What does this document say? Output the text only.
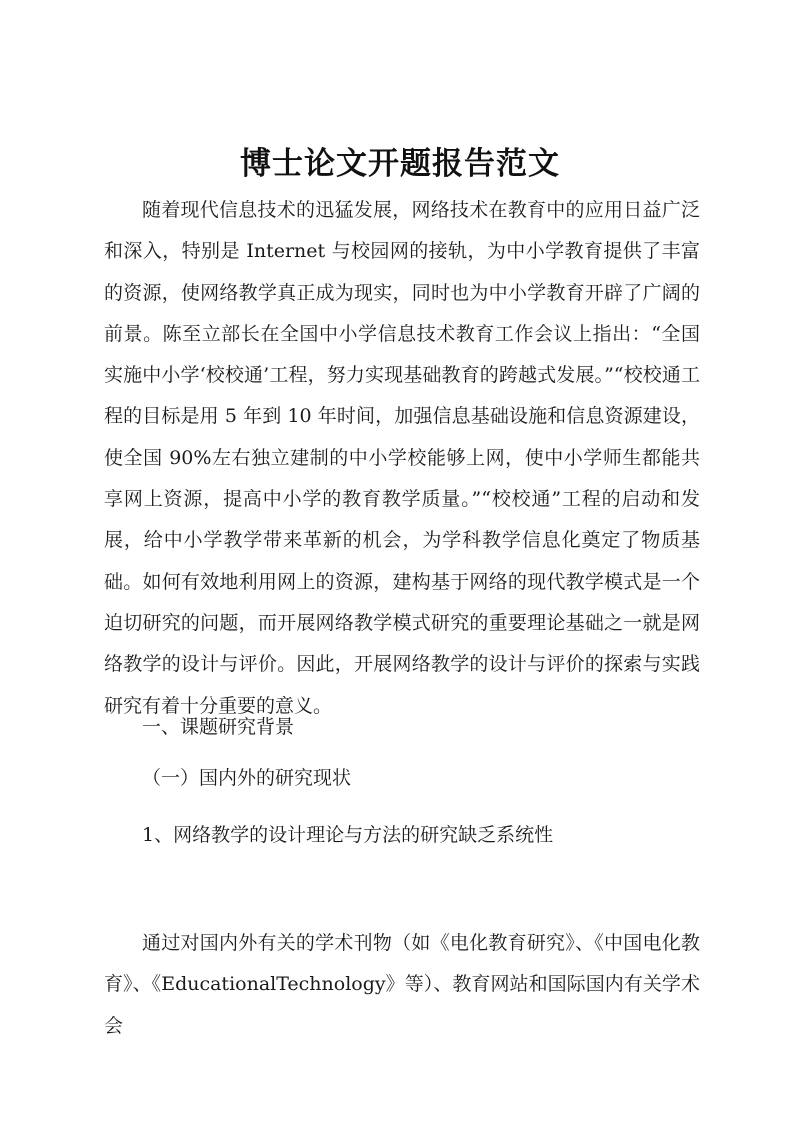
博士论文开题报告范文

随着现代信息技术的迅猛发展，网络技术在教育中的应用日益广泛和深入，特别是 Internet 与校园网的接轨，为中小学教育提供了丰富的资源，使网络教学真正成为现实，同时也为中小学教育开辟了广阔的前景。陈至立部长在全国中小学信息技术教育工作会议上指出：“全国实施中小学‘校校通’工程，努力实现基础教育的跨越式发展。”“校校通工程的目标是用 5 年到 10 年时间，加强信息基础设施和信息资源建设，使全国 90%左右独立建制的中小学校能够上网，使中小学师生都能共享网上资源，提高中小学的教育教学质量。”“校校通”工程的启动和发展，给中小学教学带来革新的机会，为学科教学信息化奠定了物质基础。如何有效地利用网上的资源，建构基于网络的现代教学模式是一个迫切研究的问题，而开展网络教学模式研究的重要理论基础之一就是网络教学的设计与评价。因此，开展网络教学的设计与评价的探索与实践研究有着十分重要的意义。

一、课题研究背景

（一）国内外的研究现状

1、网络教学的设计理论与方法的研究缺乏系统性

通过对国内外有关的学术刊物（如《电化教育研究》、《中国电化教育》、《EducationalTechnology》等）、教育网站和国际国内有关学术会
